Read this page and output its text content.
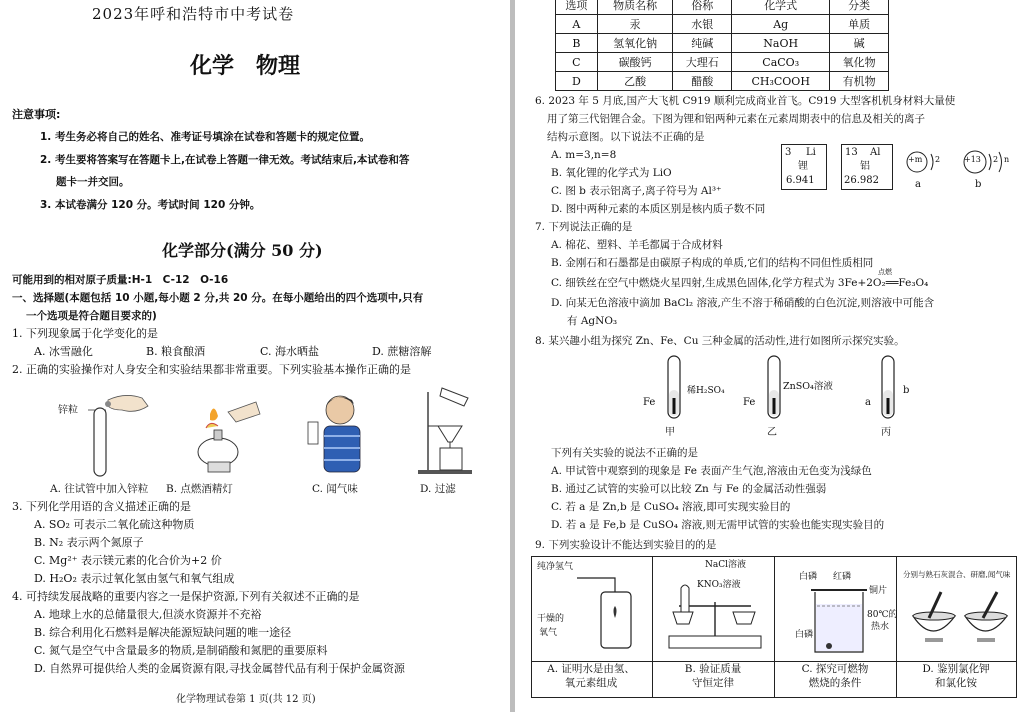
2023年呼和浩特市中考试卷
化学　物理
注意事项:
1. 考生务必将自己的姓名、准考证号填涂在试卷和答题卡的规定位置。
2. 考生要将答案写在答题卡上,在试卷上答题一律无效。考试结束后,本试卷和答
题卡一并交回。
3. 本试卷满分 120 分。考试时间 120 分钟。
化学部分(满分 50 分)
可能用到的相对原子质量:H-1　C-12　O-16
一、选择题(本题包括 10 小题,每小题 2 分,共 20 分。在每小题给出的四个选项中,只有
一个选项是符合题目要求的)
1. 下列现象属于化学变化的是
A. 冰雪融化	B. 粮食酿酒	C. 海水晒盐	D. 蔗糖溶解
2. 正确的实验操作对人身安全和实验结果都非常重要。下列实验基本操作正确的是
锌粒
A. 往试管中加入锌粒 B. 点燃酒精灯	C. 闻气味	D. 过滤
3. 下列化学用语的含义描述正确的是
A. SO₂ 可表示二氧化硫这种物质
B. N₂ 表示两个氮原子
C. Mg²⁺ 表示镁元素的化合价为+2 价
D. H₂O₂ 表示过氧化氢由氢气和氧气组成
4. 可持续发展战略的重要内容之一是保护资源,下列有关叙述不正确的是
A. 地球上水的总储量很大,但淡水资源并不充裕
B. 综合利用化石燃料是解决能源短缺问题的唯一途径
C. 氮气是空气中含量最多的物质,是制硝酸和氮肥的重要原料
D. 自然界可提供给人类的金属资源有限,寻找金属替代品有利于保护金属资源
化学物理试卷第 1 页(共 12 页)
选项	物质名称	俗称	化学式	分类
A	汞	水银	Ag	单质
B	氢氧化钠	纯碱	NaOH	碱
C	碳酸钙	大理石	CaCO₃	氧化物
D	乙酸	醋酸	CH₃COOH	有机物
6. 2023 年 5 月底,国产大飞机 C919 顺利完成商业首飞。C919 大型客机机身材料大量使
用了第三代铝锂合金。下图为锂和铝两种元素在元素周期表中的信息及相关的离子
结构示意图。以下说法不正确的是
A. m=3,n=8
B. 氧化锂的化学式为 LiO
C. 图 b 表示铝离子,离子符号为 Al³⁺
D. 图中两种元素的本质区别是核内质子数不同
3 Li
锂
6.941
13 Al
铝
26.982
+m 2
a
+13 2 n
b
7. 下列说法正确的是
A. 棉花、塑料、羊毛都属于合成材料
B. 金刚石和石墨都是由碳原子构成的单质,它们的结构不同但性质相同
点燃
C. 细铁丝在空气中燃烧火星四射,生成黑色固体,化学方程式为 3Fe+2O₂══Fe₃O₄
D. 向某无色溶液中滴加 BaCl₂ 溶液,产生不溶于稀硝酸的白色沉淀,则溶液中可能含
有 AgNO₃
8. 某兴趣小组为探究 Zn、Fe、Cu 三种金属的活动性,进行如图所示探究实验。
Fe
稀H₂SO₄
甲
Fe
ZnSO₄溶液
乙
a
b
丙
下列有关实验的说法不正确的是
A. 甲试管中观察到的现象是 Fe 表面产生气泡,溶液由无色变为浅绿色
B. 通过乙试管的实验可以比较 Zn 与 Fe 的金属活动性强弱
C. 若 a 是 Zn,b 是 CuSO₄ 溶液,即可实现实验目的
D. 若 a 是 Fe,b 是 CuSO₄ 溶液,则无需甲试管的实验也能实现实验目的
9. 下列实验设计不能达到实验目的的是
纯净氢气
干燥的
氧气
NaCl溶液
KNO₃溶液
白磷 红磷
铜片
80℃的
热水
白磷
分别与熟石灰混合、研磨,闻气味
A. 证明水是由氢、
氧元素组成
B. 验证质量
守恒定律
C. 探究可燃物
燃烧的条件
D. 鉴别氯化钾
和氯化铵
